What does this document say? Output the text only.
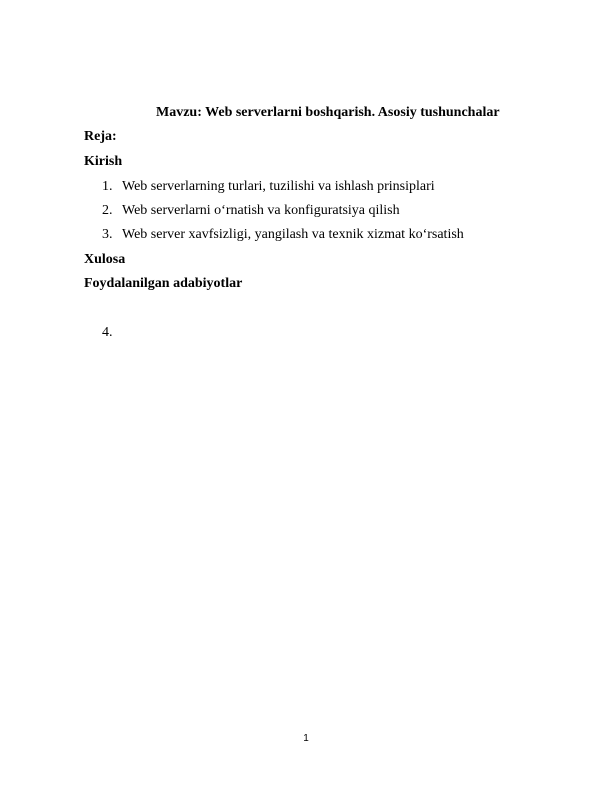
Mavzu: Web serverlarni boshqarish. Asosiy tushunchalar
Reja:
Kirish
1. Web serverlarning turlari, tuzilishi va ishlash prinsiplari
2. Web serverlarni o‘rnatish va konfiguratsiya qilish
3. Web server xavfsizligi, yangilash va texnik xizmat ko‘rsatish
Xulosa
Foydalanilgan adabiyotlar
4.
1
